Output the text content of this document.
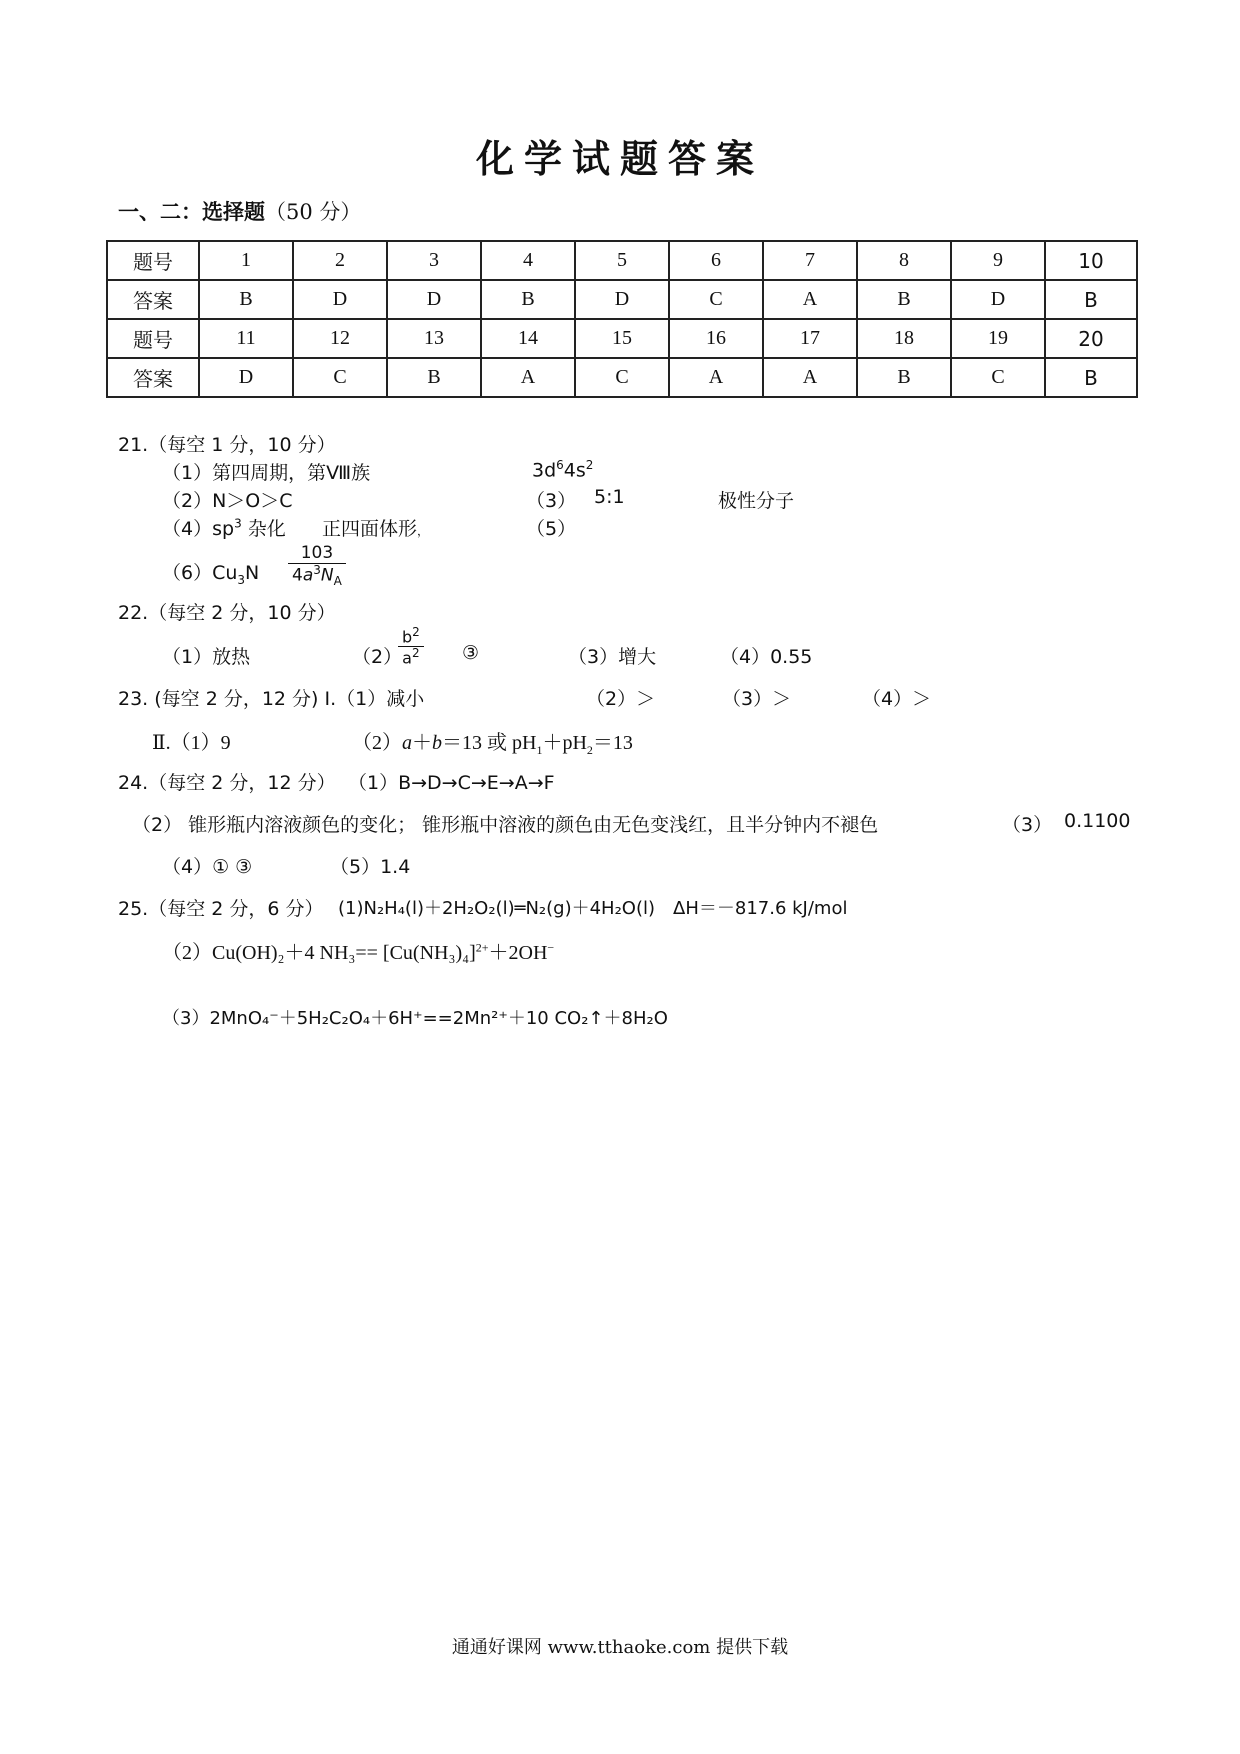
化学试题答案
一、二：选择题（50 分）
题号	1	2	3	4	5	6	7	8	9	10
答案	B	D	D	B	D	C	A	B	D	B
题号	11	12	13	14	15	16	17	18	19	20
答案	D	C	B	A	C	A	A	B	C	B
21.（每空 1 分，10 分）
（1）第四周期，第Ⅷ族	$3d^64s^2$
（2）N＞O＞C	（3） 5:1	极性分子
$(4)sp^3$ 杂化 正四面体形，	（5）
$(6)Cu_3N \frac{103}{4a^3N_A}$
22.（每空 2 分，10 分）
（1）放热	（2）
$\frac{b^2}{a^2}$ ③	（3）增大	（4）0.55
23. (每空 2 分，12 分) Ⅰ.（1）减小	（2）＞	（3）＞	（4）＞
Ⅱ.（1）9	（2）a＋b＝13 或 $pH_1+pH_2=13$
24.（每空 2 分，12 分） （1）B→D→C→E→A→F
（2） 锥形瓶内溶液颜色的变化； 锥形瓶中溶液的颜色由无色变浅红，且半分钟内不褪色	（3） 0.1100
（4）① ③	（5）1.4
25.（每空 2 分，6 分） (1)N₂H₄(l)＋2H₂O₂(l)═N₂(g)＋4H₂O(l)　ΔH＝－817.6 kJ/mol
（2）Cu(OH)₂＋4 $NH_3== [Cu(NH_3)_4]^{2+}+2OH^-$
（3）2MnO₄⁻＋5H₂C₂O₄＋6H⁺==2Mn²⁺＋10 CO₂↑＋8H₂O
通通好课网 www.tthaoke.com 提供下载
